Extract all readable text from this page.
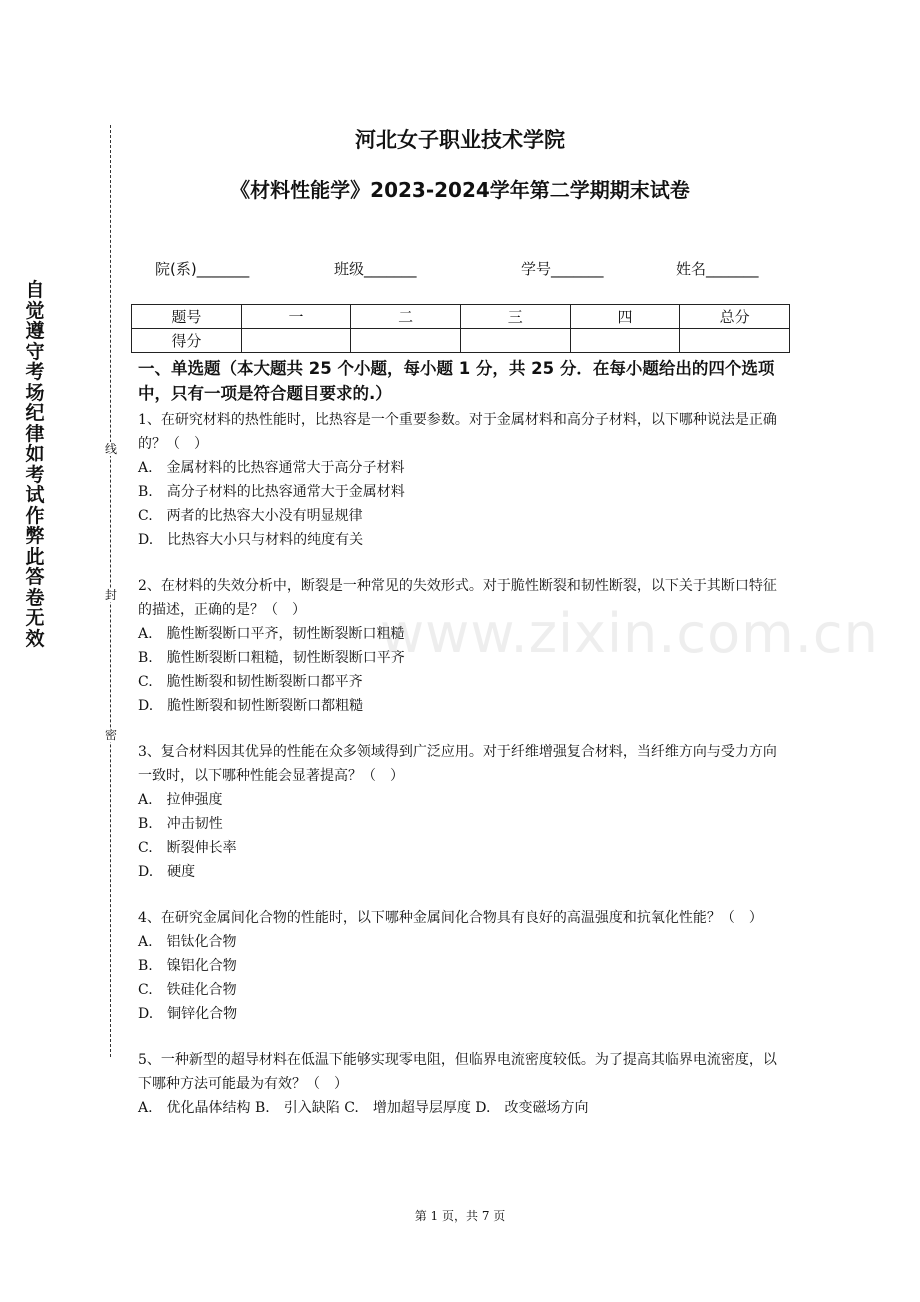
自觉遵守考场纪律如考试作弊此答卷无效
线
封
密
河北女子职业技术学院
《材料性能学》2023-2024学年第二学期期末试卷
院(系)_______	班级_______	学号_______	姓名_______
题号	一	二	三	四	总分
得分					

一、单选题（本大题共 25 个小题，每小题 1 分，共 25 分．在每小题给出的四个选项中，只有一项是符合题目要求的.）

1、在研究材料的热性能时，比热容是一个重要参数。对于金属材料和高分子材料，以下哪种说法是正确的？（　）

A.　金属材料的比热容通常大于高分子材料

B.　高分子材料的比热容通常大于金属材料

C.　两者的比热容大小没有明显规律

D.　比热容大小只与材料的纯度有关

2、在材料的失效分析中，断裂是一种常见的失效形式。对于脆性断裂和韧性断裂，以下关于其断口特征的描述，正确的是？（　）

A.　脆性断裂断口平齐，韧性断裂断口粗糙

B.　脆性断裂断口粗糙，韧性断裂断口平齐

C.　脆性断裂和韧性断裂断口都平齐

D.　脆性断裂和韧性断裂断口都粗糙

3、复合材料因其优异的性能在众多领域得到广泛应用。对于纤维增强复合材料，当纤维方向与受力方向一致时，以下哪种性能会显著提高？（　）

A.　拉伸强度

B.　冲击韧性

C.　断裂伸长率

D.　硬度

4、在研究金属间化合物的性能时，以下哪种金属间化合物具有良好的高温强度和抗氧化性能？（　）

A.　铝钛化合物

B.　镍铝化合物

C.　铁硅化合物

D.　铜锌化合物

5、一种新型的超导材料在低温下能够实现零电阻，但临界电流密度较低。为了提高其临界电流密度，以下哪种方法可能最为有效？（　）

A.　优化晶体结构 B.　引入缺陷 C.　增加超导层厚度 D.　改变磁场方向

www.zixin.com.cn
第 1 页，共 7 页
